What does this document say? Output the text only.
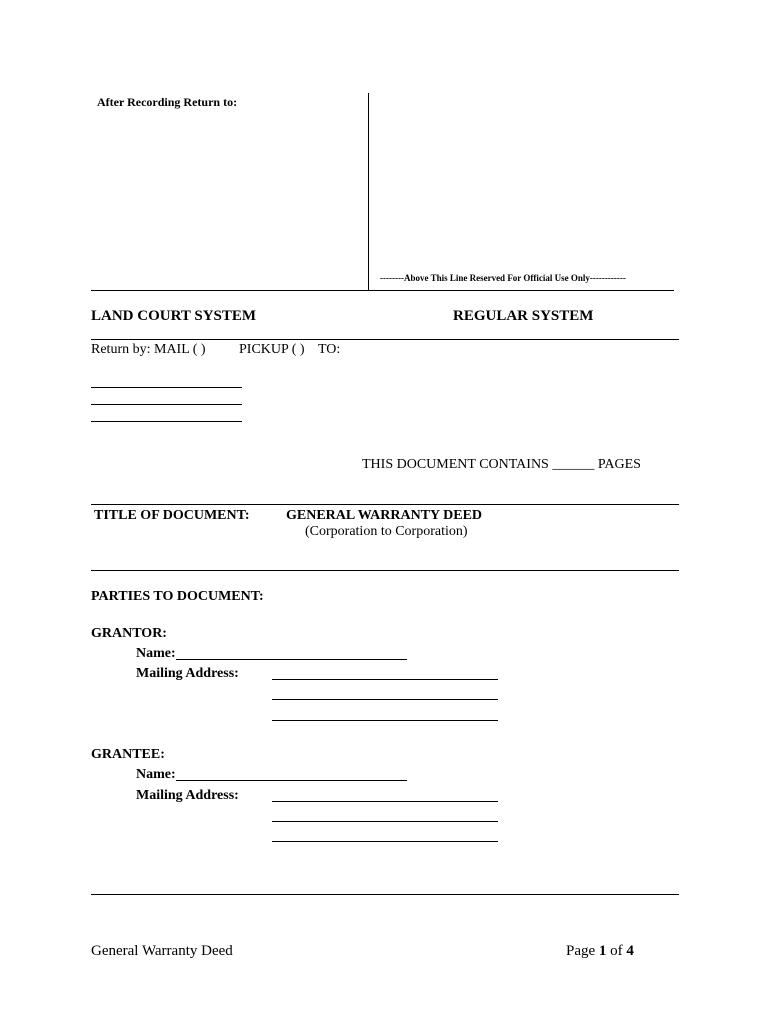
After Recording Return to:
--------Above This Line Reserved For Official Use Only------------
LAND COURT SYSTEM	REGULAR SYSTEM
Return by: MAIL ( ) PICKUP ( ) TO:
THIS DOCUMENT CONTAINS ______ PAGES
TITLE OF DOCUMENT:	GENERAL WARRANTY DEED
(Corporation to Corporation)
PARTIES TO DOCUMENT:
GRANTOR:
Name:
Mailing Address:
GRANTEE:
Name:
Mailing Address:
General Warranty Deed	Page 1 of 4
